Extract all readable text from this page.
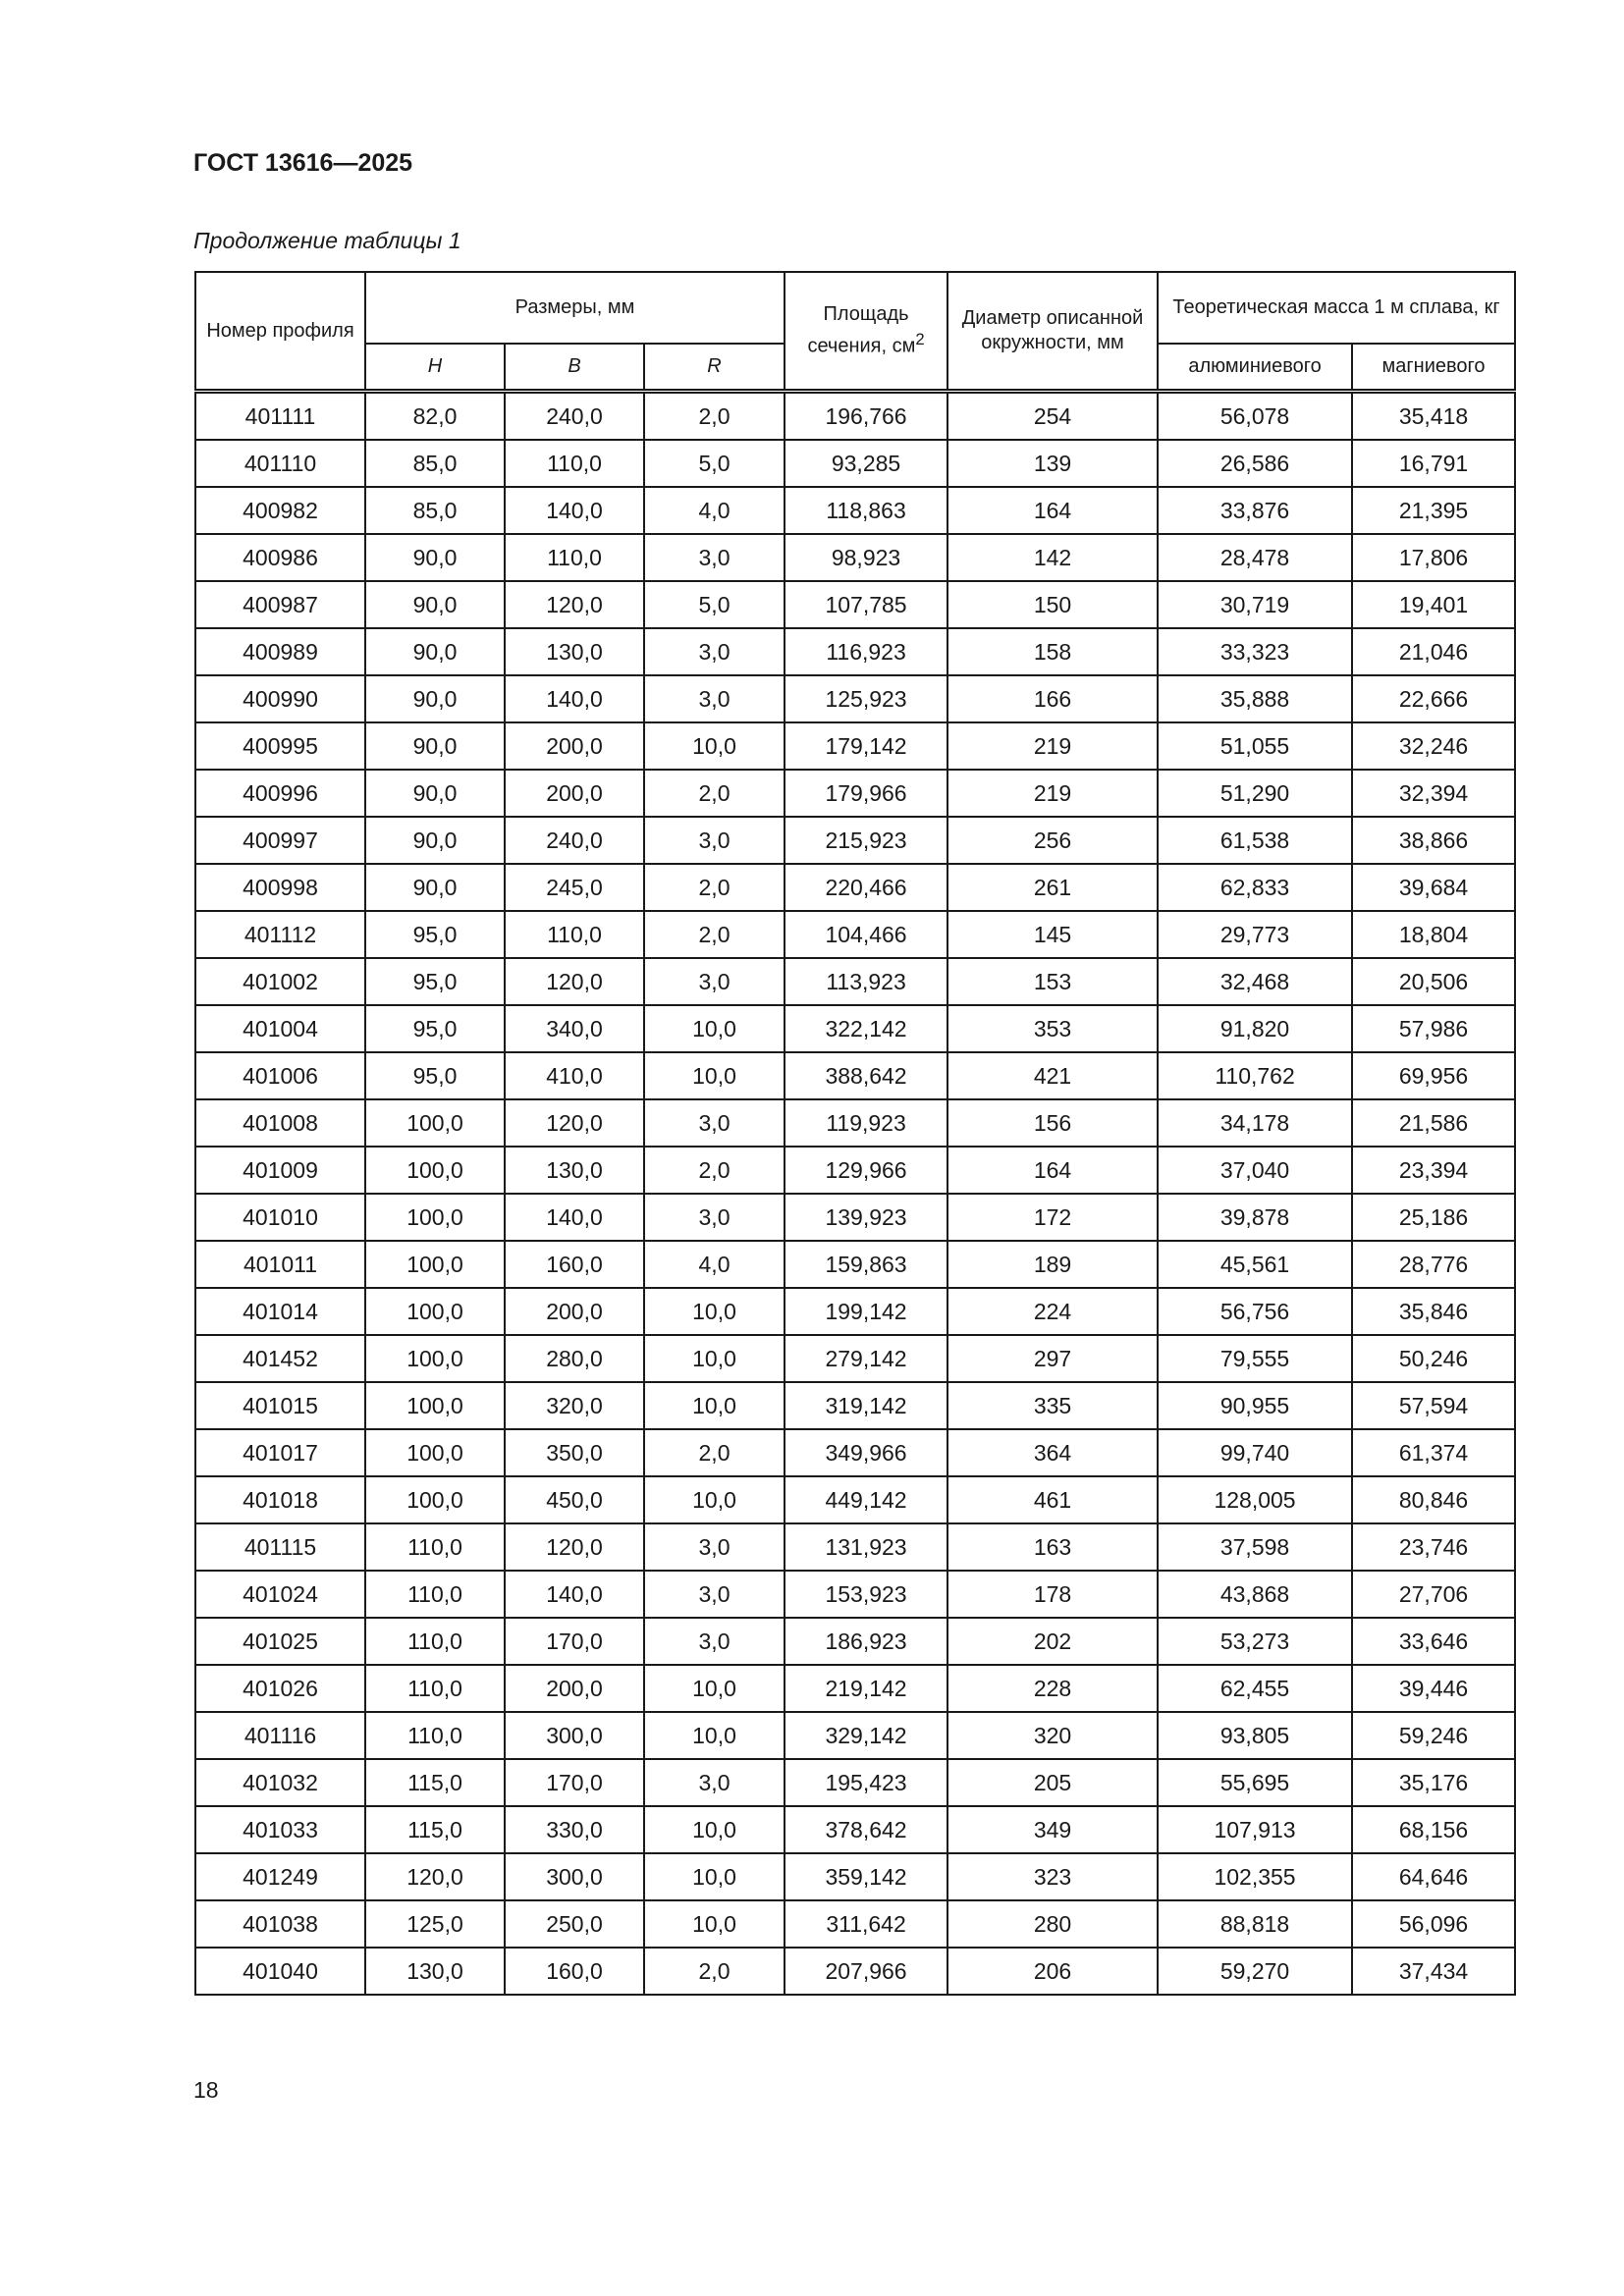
ГОСТ 13616—2025
Продолжение таблицы 1
Номер профиля	Размеры, мм			Площадь сечения, $см^2$	Диаметр описанной окружности, мм	Теоретическая масса 1 м сплава, кг	
	H	B	R			алюминиевого	магниевого
401111	82,0	240,0	2,0	196,766	254	56,078	35,418
401110	85,0	110,0	5,0	93,285	139	26,586	16,791
400982	85,0	140,0	4,0	118,863	164	33,876	21,395
400986	90,0	110,0	3,0	98,923	142	28,478	17,806
400987	90,0	120,0	5,0	107,785	150	30,719	19,401
400989	90,0	130,0	3,0	116,923	158	33,323	21,046
400990	90,0	140,0	3,0	125,923	166	35,888	22,666
400995	90,0	200,0	10,0	179,142	219	51,055	32,246
400996	90,0	200,0	2,0	179,966	219	51,290	32,394
400997	90,0	240,0	3,0	215,923	256	61,538	38,866
400998	90,0	245,0	2,0	220,466	261	62,833	39,684
401112	95,0	110,0	2,0	104,466	145	29,773	18,804
401002	95,0	120,0	3,0	113,923	153	32,468	20,506
401004	95,0	340,0	10,0	322,142	353	91,820	57,986
401006	95,0	410,0	10,0	388,642	421	110,762	69,956
401008	100,0	120,0	3,0	119,923	156	34,178	21,586
401009	100,0	130,0	2,0	129,966	164	37,040	23,394
401010	100,0	140,0	3,0	139,923	172	39,878	25,186
401011	100,0	160,0	4,0	159,863	189	45,561	28,776
401014	100,0	200,0	10,0	199,142	224	56,756	35,846
401452	100,0	280,0	10,0	279,142	297	79,555	50,246
401015	100,0	320,0	10,0	319,142	335	90,955	57,594
401017	100,0	350,0	2,0	349,966	364	99,740	61,374
401018	100,0	450,0	10,0	449,142	461	128,005	80,846
401115	110,0	120,0	3,0	131,923	163	37,598	23,746
401024	110,0	140,0	3,0	153,923	178	43,868	27,706
401025	110,0	170,0	3,0	186,923	202	53,273	33,646
401026	110,0	200,0	10,0	219,142	228	62,455	39,446
401116	110,0	300,0	10,0	329,142	320	93,805	59,246
401032	115,0	170,0	3,0	195,423	205	55,695	35,176
401033	115,0	330,0	10,0	378,642	349	107,913	68,156
401249	120,0	300,0	10,0	359,142	323	102,355	64,646
401038	125,0	250,0	10,0	311,642	280	88,818	56,096
401040	130,0	160,0	2,0	207,966	206	59,270	37,434
18
